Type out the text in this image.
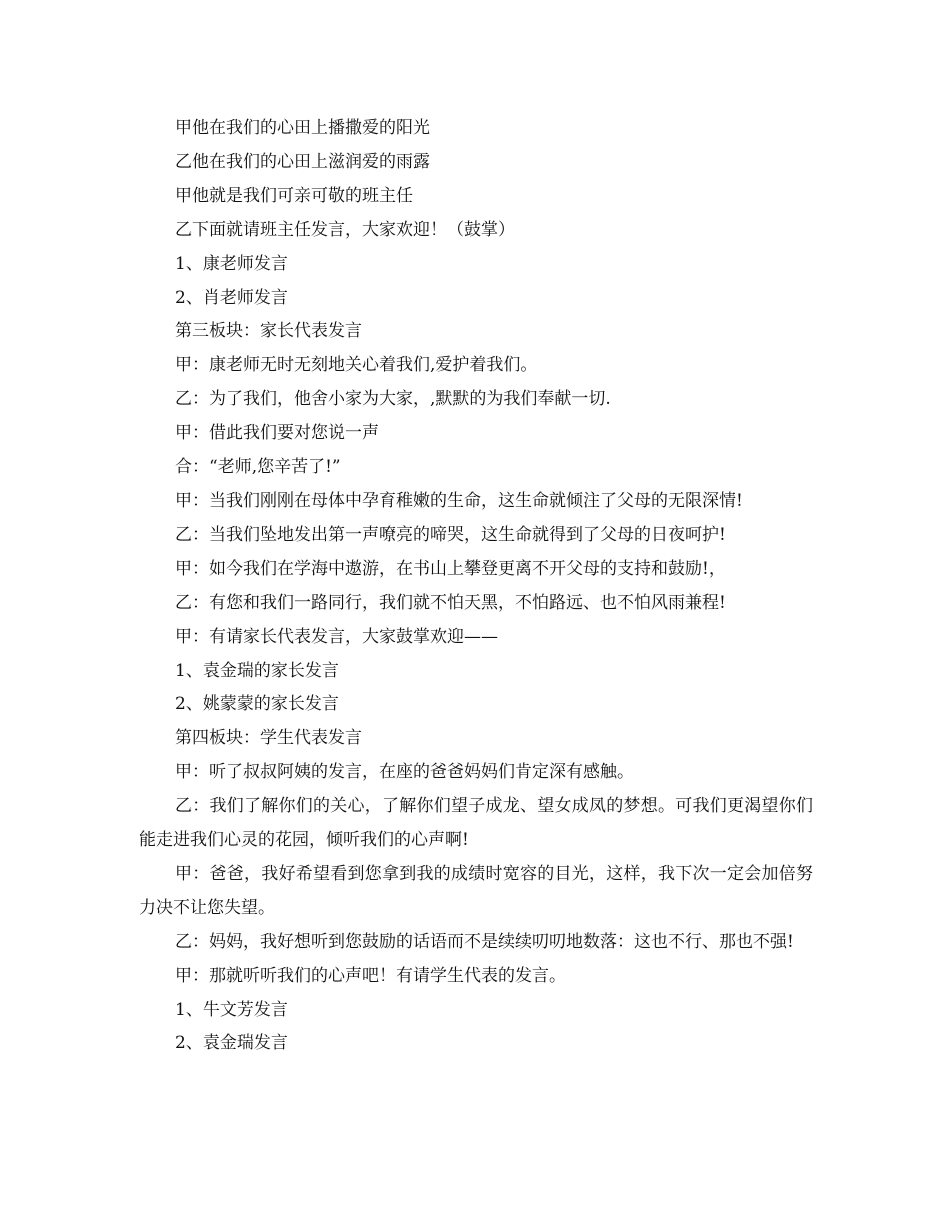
甲他在我们的心田上播撒爱的阳光
乙他在我们的心田上滋润爱的雨露
甲他就是我们可亲可敬的班主任
乙下面就请班主任发言，大家欢迎！（鼓掌）
1、康老师发言
2、肖老师发言
第三板块：家长代表发言
甲：康老师无时无刻地关心着我们,爱护着我们。
乙：为了我们，他舍小家为大家，,默默的为我们奉献一切.
甲：借此我们要对您说一声
合：“老师,您辛苦了!”
甲：当我们刚刚在母体中孕育稚嫩的生命，这生命就倾注了父母的无限深情!
乙：当我们坠地发出第一声嘹亮的啼哭，这生命就得到了父母的日夜呵护!
甲：如今我们在学海中遨游，在书山上攀登更离不开父母的支持和鼓励!，
乙：有您和我们一路同行，我们就不怕天黑，不怕路远、也不怕风雨兼程!
甲：有请家长代表发言，大家鼓掌欢迎——
1、袁金瑞的家长发言
2、姚蒙蒙的家长发言
第四板块：学生代表发言
甲：听了叔叔阿姨的发言，在座的爸爸妈妈们肯定深有感触。
乙：我们了解你们的关心，了解你们望子成龙、望女成凤的梦想。可我们更渴望你们能走进我们心灵的花园，倾听我们的心声啊!
甲：爸爸，我好希望看到您拿到我的成绩时宽容的目光，这样，我下次一定会加倍努力决不让您失望。
乙：妈妈，我好想听到您鼓励的话语而不是续续叨叨地数落：这也不行、那也不强!
甲：那就听听我们的心声吧！有请学生代表的发言。
1、牛文芳发言
2、袁金瑞发言
